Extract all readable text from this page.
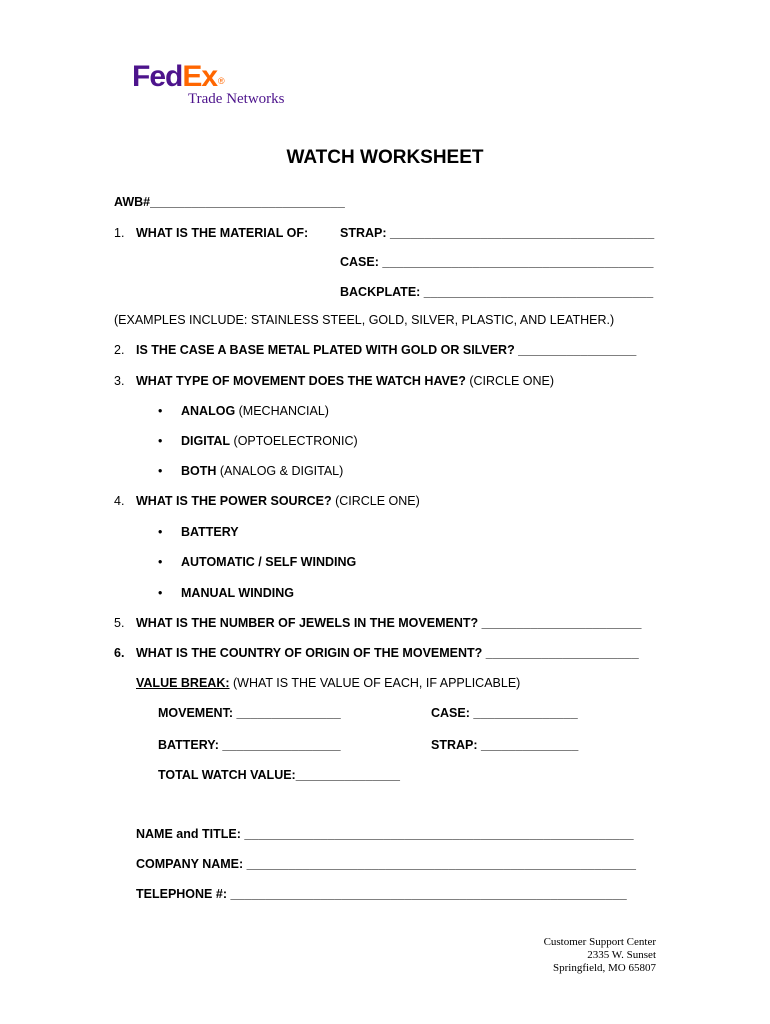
FedEx®
Trade Networks
WATCH WORKSHEET
AWB#____________________________
1. WHAT IS THE MATERIAL OF:	STRAP: ______________________________________
CASE: _______________________________________
BACKPLATE: _________________________________
(EXAMPLES INCLUDE: STAINLESS STEEL, GOLD, SILVER, PLASTIC, AND LEATHER.)
2. IS THE CASE A BASE METAL PLATED WITH GOLD OR SILVER? _________________
3. WHAT TYPE OF MOVEMENT DOES THE WATCH HAVE? (CIRCLE ONE)
• ANALOG (MECHANCIAL)
• DIGITAL (OPTOELECTRONIC)
• BOTH (ANALOG & DIGITAL)
4. WHAT IS THE POWER SOURCE? (CIRCLE ONE)
• BATTERY
• AUTOMATIC / SELF WINDING
• MANUAL WINDING
5. WHAT IS THE NUMBER OF JEWELS IN THE MOVEMENT? _______________________
6. WHAT IS THE COUNTRY OF ORIGIN OF THE MOVEMENT? ______________________
VALUE BREAK: (WHAT IS THE VALUE OF EACH, IF APPLICABLE)
MOVEMENT: _______________	CASE: _______________
BATTERY: _________________	STRAP: ______________
TOTAL WATCH VALUE:_______________
NAME and TITLE: ________________________________________________________
COMPANY NAME: ________________________________________________________
TELEPHONE #: _________________________________________________________
Customer Support Center
2335 W. Sunset
Springfield, MO 65807
